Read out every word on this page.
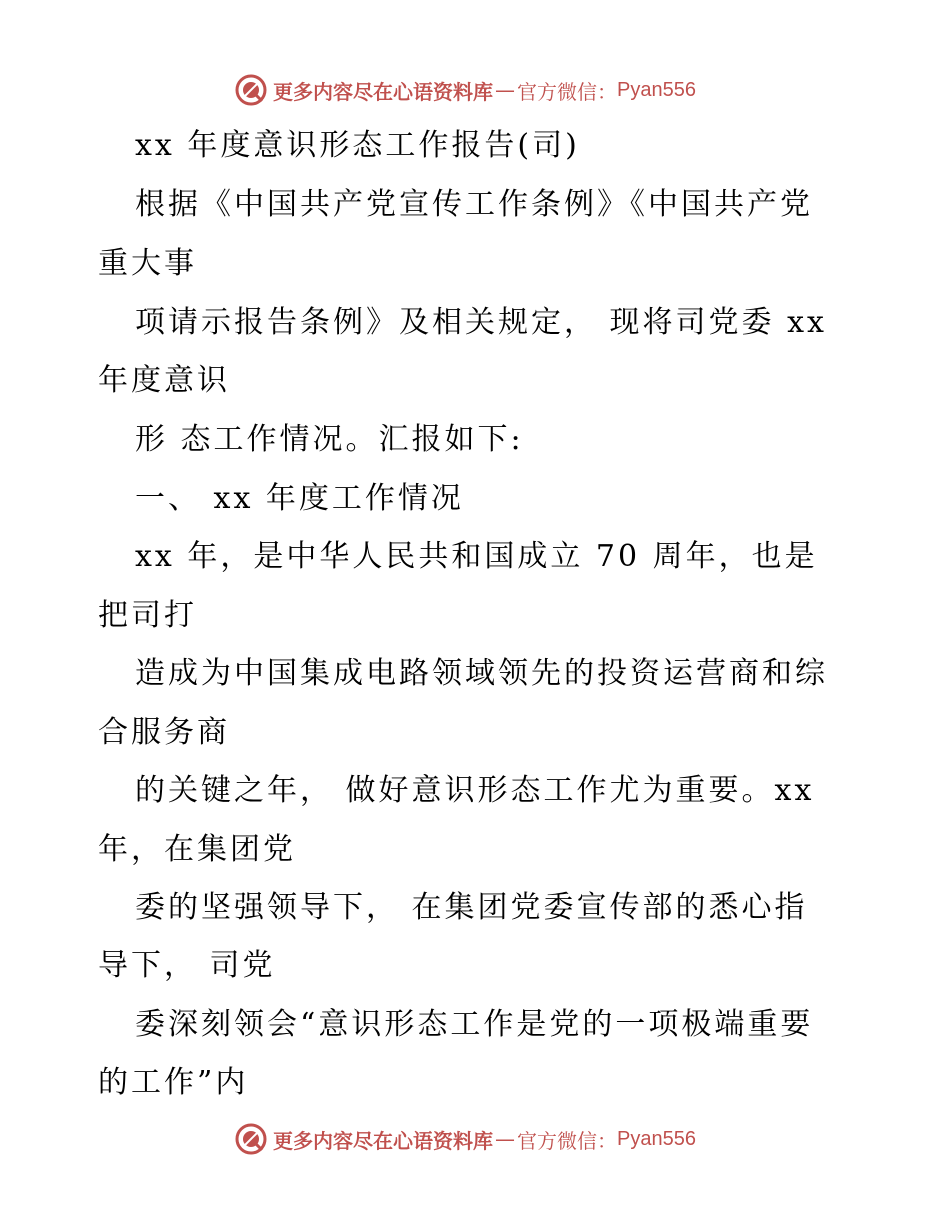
更多内容尽在心语资料库 — 官方微信： Pyan556
xx 年度意识形态工作报告(司)
根据《中国共产党宣传工作条例》《中国共产党
重大事
项请示报告条例》及相关规定， 现将司党委 xx
年度意识
形 态工作情况。汇报如下:
一、 xx 年度工作情况
xx 年，是中华人民共和国成立 70 周年，也是
把司打
造成为中国集成电路领域领先的投资运营商和综
合服务商
的关键之年， 做好意识形态工作尤为重要。xx
年，在集团党
委的坚强领导下， 在集团党委宣传部的悉心指
导下， 司党
委深刻领会“意识形态工作是党的一项极端重要
的工作”内
更多内容尽在心语资料库 — 官方微信： Pyan556
